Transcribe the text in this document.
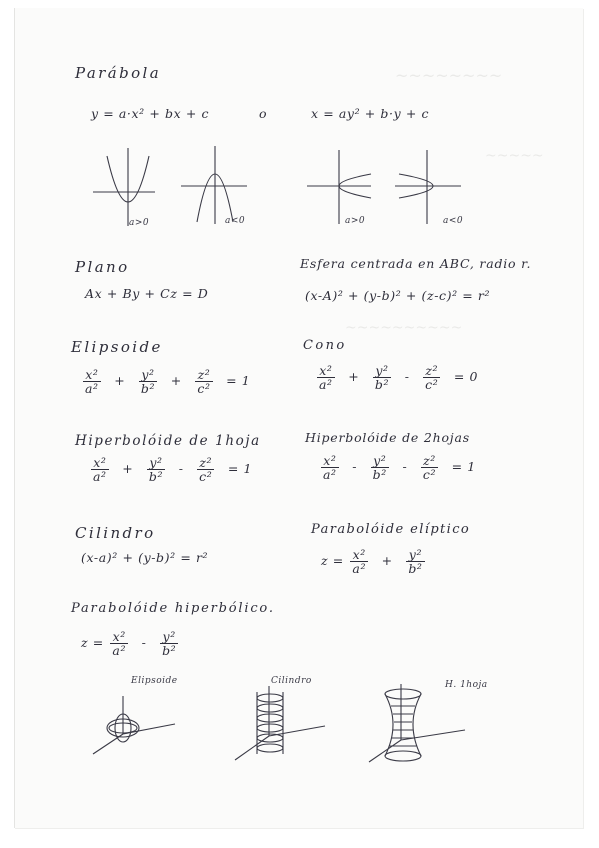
~~~~~~~~
~~~~~
~~~~~~~~~~
Parábola
y = a·x² + bx + c	o	x = ay² + b·y + c
a>0	a<0	a>0	a<0
Plano
Ax + By + Cz = D
Esfera centrada en ABC, radio r.
(x-A)² + (y-b)² + (z-c)² = r²
Elipsoide
$\frac{\text{x²}}{\text{a²}} + \frac{\text{y²}}{\text{b²}} + \frac{\text{z²}}{\text{c²}} = 1$
Cono
$\frac{\text{x²}}{\text{a²}} + \frac{\text{y²}}{\text{b²}} - \frac{\text{z²}}{\text{c²}} = 0$
Hiperbolóide de 1hoja
$\frac{\text{x²}}{\text{a²}} + \frac{\text{y²}}{\text{b²}} - \frac{\text{z²}}{\text{c²}} = 1$
Hiperbolóide de 2hojas
$\frac{\text{x²}}{\text{a²}} - \frac{\text{y²}}{\text{b²}} - \frac{\text{z²}}{\text{c²}} = 1$
Cilindro
(x-a)² + (y-b)² = r²
Parabolóide elíptico
$z = \frac{\text{x²}}{\text{a²}} + \frac{\text{y²}}{\text{b²}}$
Parabolóide hiperbólico.
$z = \frac{\text{x²}}{\text{a²}} - \frac{\text{y²}}{\text{b²}}$
Elipsoide	Cilindro	H. 1hoja
